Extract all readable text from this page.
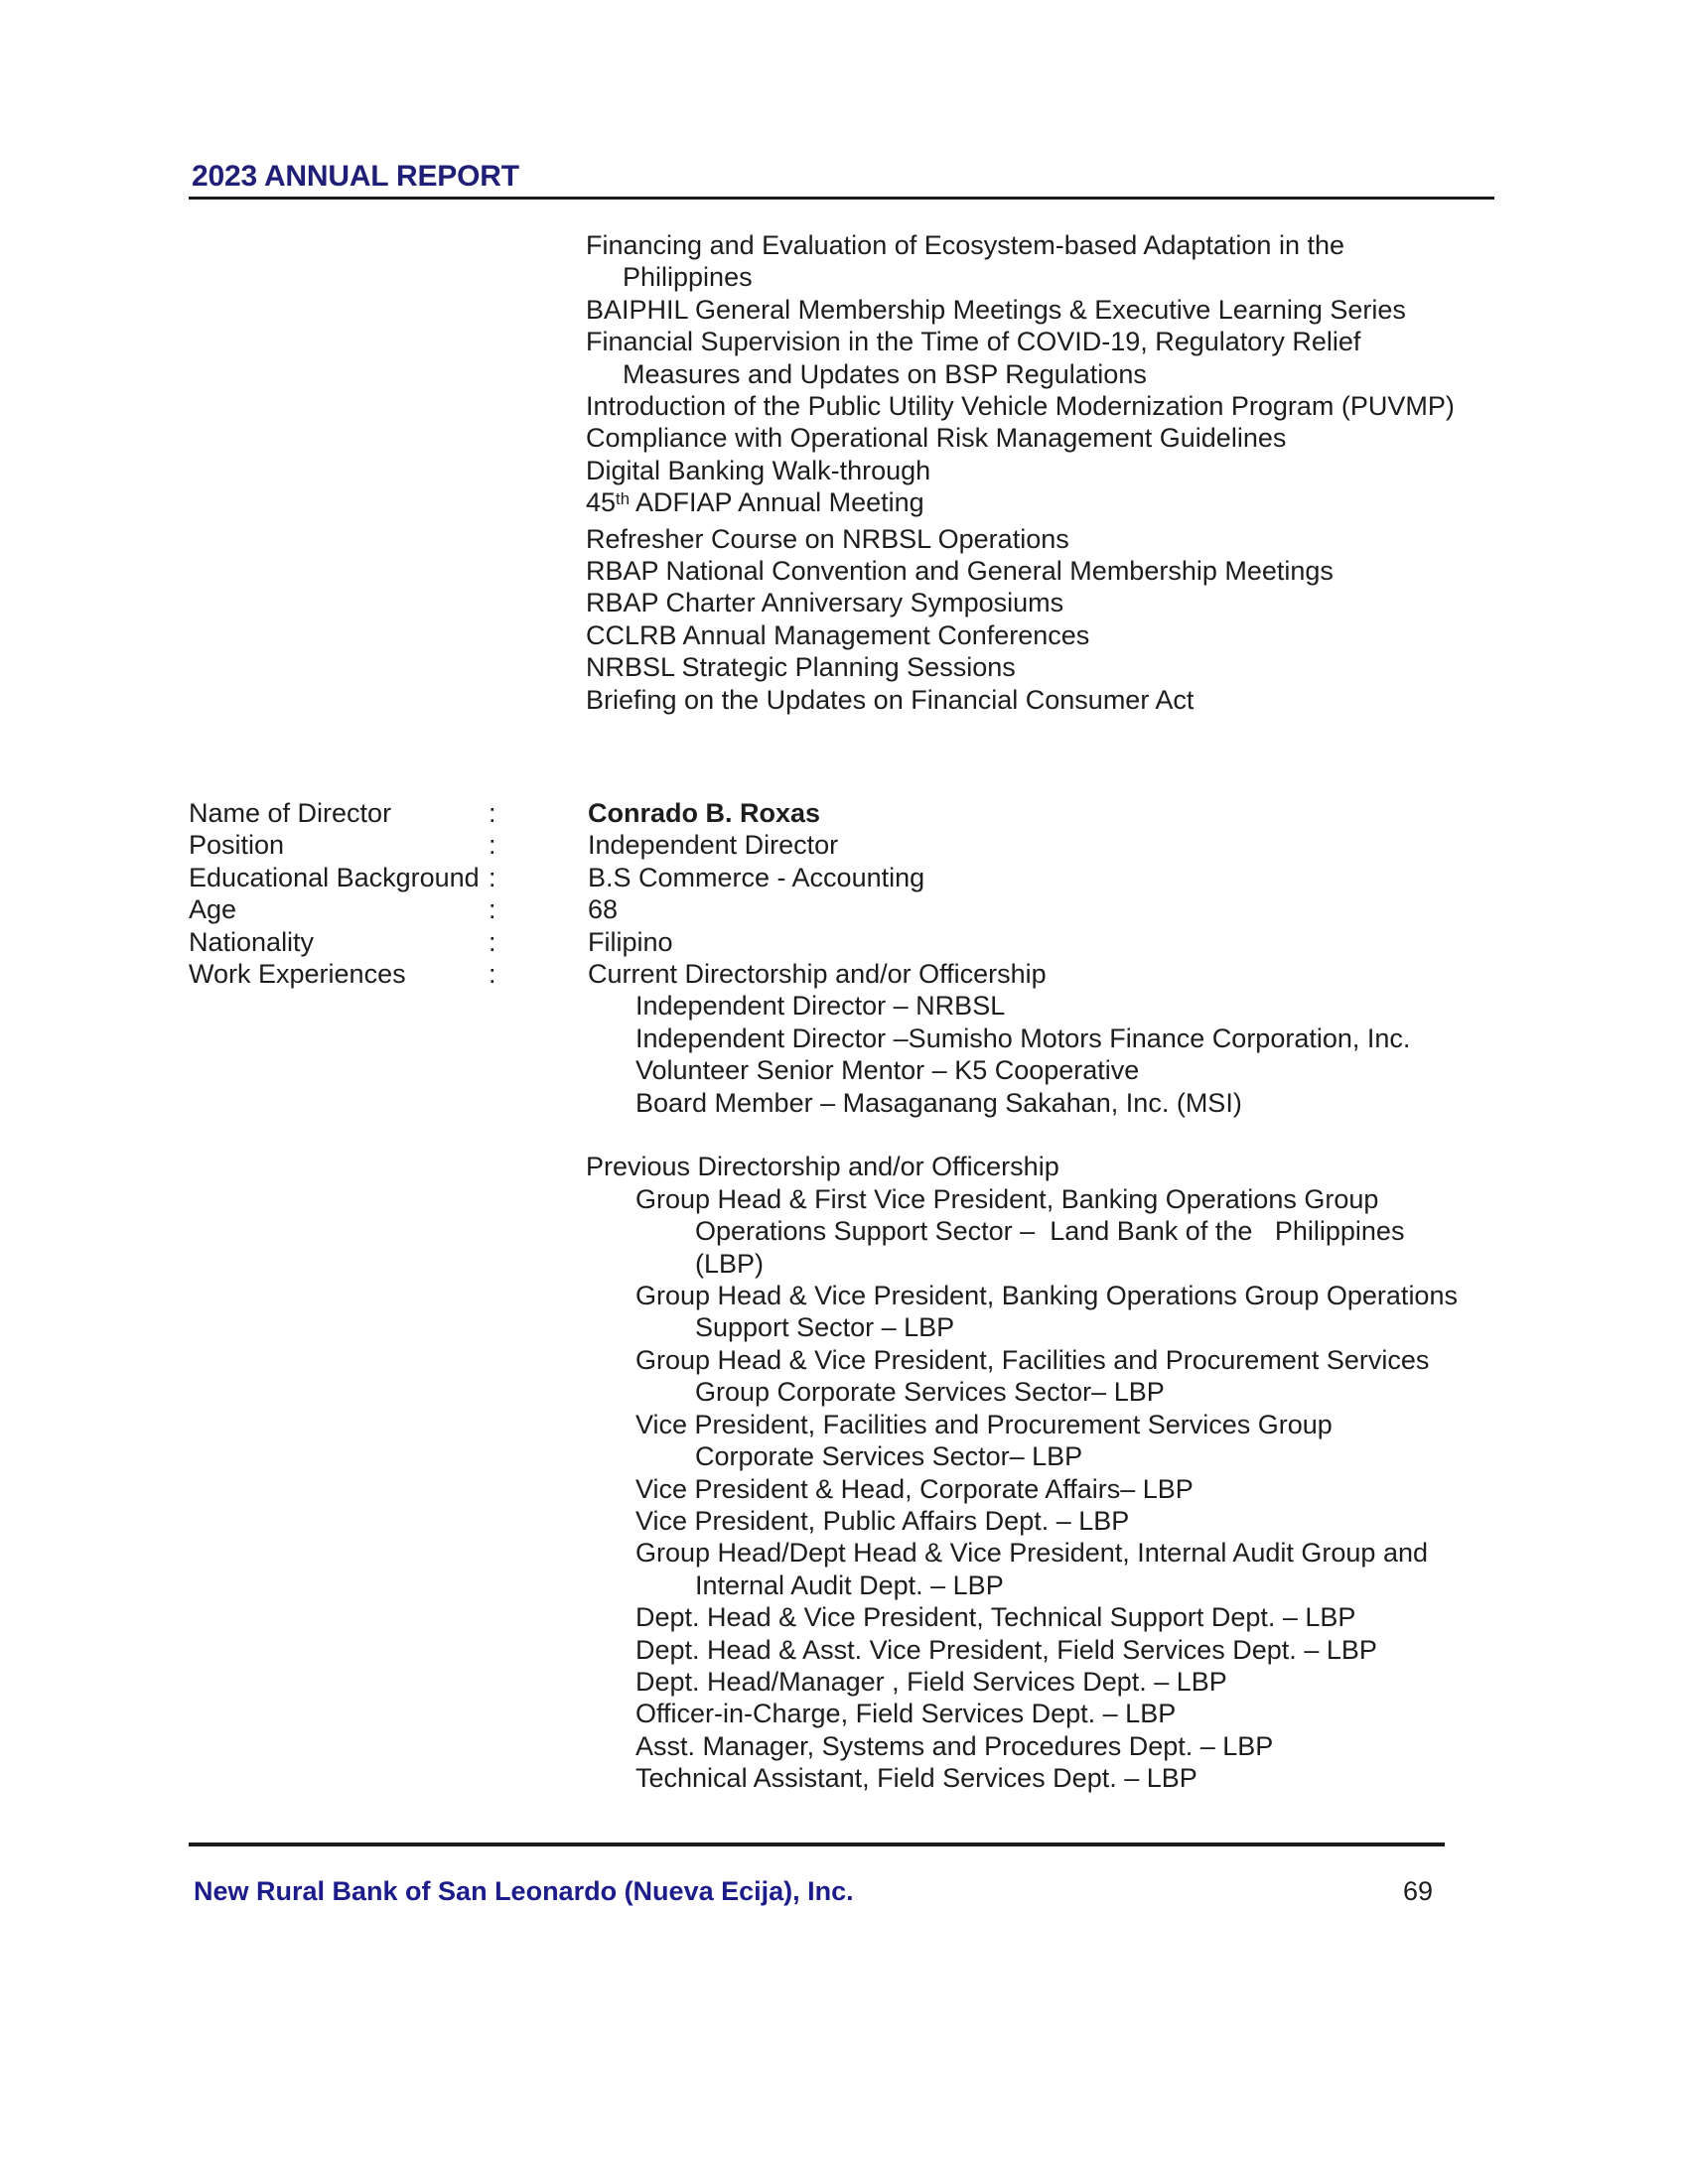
2023 ANNUAL REPORT
Financing and Evaluation of Ecosystem-based Adaptation in the
Philippines
BAIPHIL General Membership Meetings & Executive Learning Series
Financial Supervision in the Time of COVID-19, Regulatory Relief
Measures and Updates on BSP Regulations
Introduction of the Public Utility Vehicle Modernization Program (PUVMP)
Compliance with Operational Risk Management Guidelines
Digital Banking Walk-through
45th ADFIAP Annual Meeting
Refresher Course on NRBSL Operations
RBAP National Convention and General Membership Meetings
RBAP Charter Anniversary Symposiums
CCLRB Annual Management Conferences
NRBSL Strategic Planning Sessions
Briefing on the Updates on Financial Consumer Act
Name of Director	:	Conrado B. Roxas
Position	:	Independent Director
Educational Background :	B.S Commerce - Accounting
Age	:	68
Nationality	:	Filipino
Work Experiences	:	Current Directorship and/or Officership
Independent Director – NRBSL
Independent Director –Sumisho Motors Finance Corporation, Inc.
Volunteer Senior Mentor – K5 Cooperative
Board Member – Masaganang Sakahan, Inc. (MSI)
Previous Directorship and/or Officership
Group Head & First Vice President, Banking Operations Group
Operations Support Sector –  Land Bank of the   Philippines
(LBP)
Group Head & Vice President, Banking Operations Group Operations
Support Sector – LBP
Group Head & Vice President, Facilities and Procurement Services
Group Corporate Services Sector– LBP
Vice President, Facilities and Procurement Services Group
Corporate Services Sector– LBP
Vice President & Head, Corporate Affairs– LBP
Vice President, Public Affairs Dept. – LBP
Group Head/Dept Head & Vice President, Internal Audit Group and
Internal Audit Dept. – LBP
Dept. Head & Vice President, Technical Support Dept. – LBP
Dept. Head & Asst. Vice President, Field Services Dept. – LBP
Dept. Head/Manager , Field Services Dept. – LBP
Officer-in-Charge, Field Services Dept. – LBP
Asst. Manager, Systems and Procedures Dept. – LBP
Technical Assistant, Field Services Dept. – LBP
New Rural Bank of San Leonardo (Nueva Ecija), Inc.	69
